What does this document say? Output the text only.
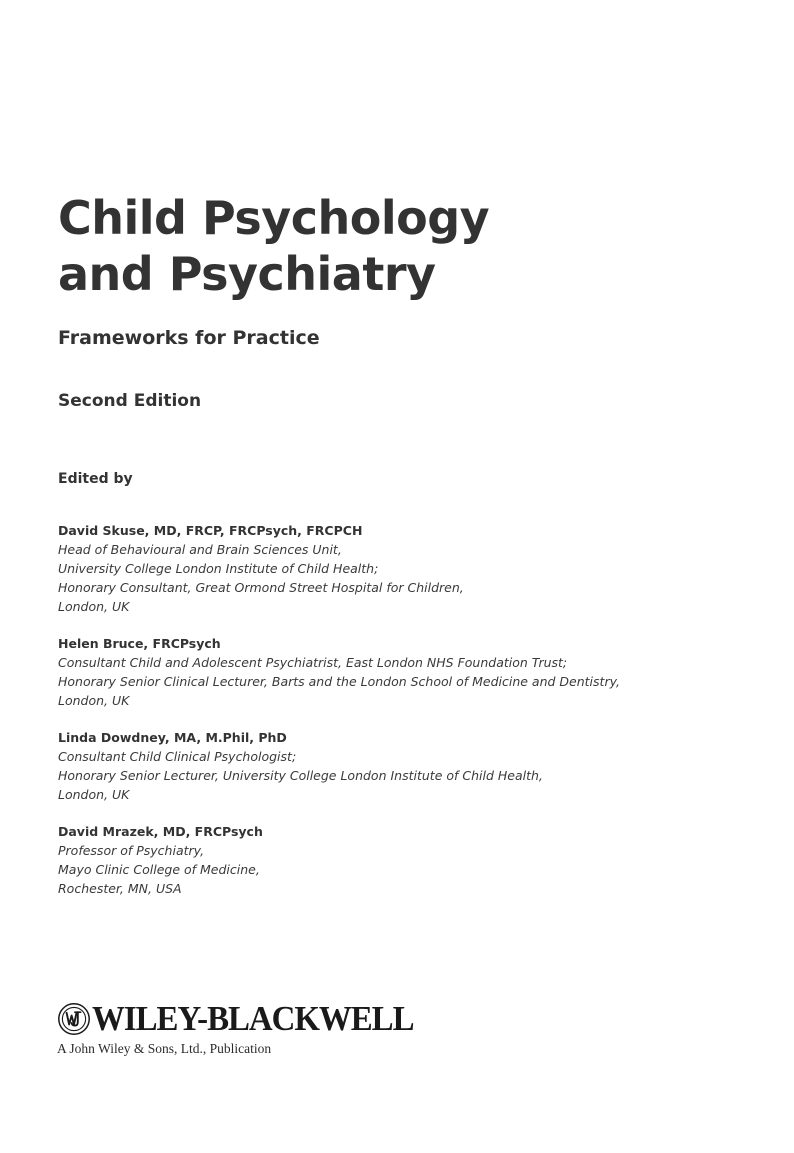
Child Psychology
and Psychiatry
Frameworks for Practice
Second Edition
Edited by
David Skuse, MD, FRCP, FRCPsych, FRCPCH
Head of Behavioural and Brain Sciences Unit,
University College London Institute of Child Health;
Honorary Consultant, Great Ormond Street Hospital for Children,
London, UK
Helen Bruce, FRCPsych
Consultant Child and Adolescent Psychiatrist, East London NHS Foundation Trust;
Honorary Senior Clinical Lecturer, Barts and the London School of Medicine and Dentistry,
London, UK
Linda Dowdney, MA, M.Phil, PhD
Consultant Child Clinical Psychologist;
Honorary Senior Lecturer, University College London Institute of Child Health,
London, UK
David Mrazek, MD, FRCPsych
Professor of Psychiatry,
Mayo Clinic College of Medicine,
Rochester, MN, USA
WILEY-BLACKWELL
A John Wiley & Sons, Ltd., Publication
